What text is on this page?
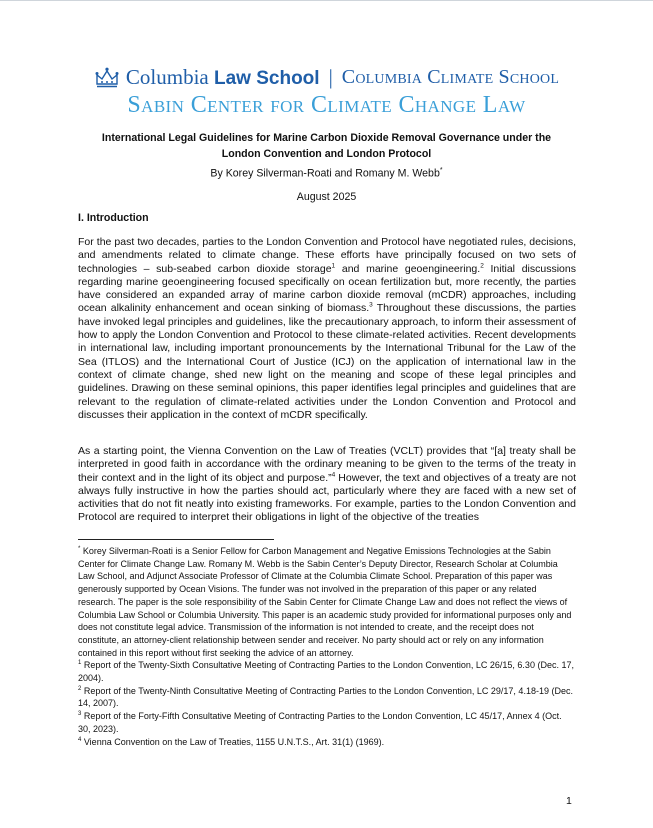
Columbia Law School | Columbia Climate School
Sabin Center for Climate Change Law
International Legal Guidelines for Marine Carbon Dioxide Removal Governance under the London Convention and London Protocol
By Korey Silverman-Roati and Romany M. Webb*
August 2025
I. Introduction
For the past two decades, parties to the London Convention and Protocol have negotiated rules, decisions, and amendments related to climate change. These efforts have principally focused on two sets of technologies – sub-seabed carbon dioxide storage$^1$ and marine geoengineering.$^2$ Initial discussions regarding marine geoengineering focused specifically on ocean fertilization but, more recently, the parties have considered an expanded array of marine carbon dioxide removal (mCDR) approaches, including ocean alkalinity enhancement and ocean sinking of biomass.$^3$ Throughout these discussions, the parties have invoked legal principles and guidelines, like the precautionary approach, to inform their assessment of how to apply the London Convention and Protocol to these climate-related activities. Recent developments in international law, including important pronouncements by the International Tribunal for the Law of the Sea (ITLOS) and the International Court of Justice (ICJ) on the application of international law in the context of climate change, shed new light on the meaning and scope of these legal principles and guidelines. Drawing on these seminal opinions, this paper identifies legal principles and guidelines that are relevant to the regulation of climate-related activities under the London Convention and Protocol and discusses their application in the context of mCDR specifically.
As a starting point, the Vienna Convention on the Law of Treaties (VCLT) provides that “[a] treaty shall be interpreted in good faith in accordance with the ordinary meaning to be given to the terms of the treaty in their context and in the light of its object and purpose.”$^4$ However, the text and objectives of a treaty are not always fully instructive in how the parties should act, particularly where they are faced with a new set of activities that do not fit neatly into existing frameworks. For example, parties to the London Convention and Protocol are required to interpret their obligations in light of the objective of the treaties

* Korey Silverman-Roati is a Senior Fellow for Carbon Management and Negative Emissions Technologies at the Sabin Center for Climate Change Law. Romany M. Webb is the Sabin Center’s Deputy Director, Research Scholar at Columbia Law School, and Adjunct Associate Professor of Climate at the Columbia Climate School. Preparation of this paper was generously supported by Ocean Visions. The funder was not involved in the preparation of this paper or any related research. The paper is the sole responsibility of the Sabin Center for Climate Change Law and does not reflect the views of Columbia Law School or Columbia University. This paper is an academic study provided for informational purposes only and does not constitute legal advice. Transmission of the information is not intended to create, and the receipt does not constitute, an attorney-client relationship between sender and receiver. No party should act or rely on any information contained in this report without first seeking the advice of an attorney.

$^1$ Report of the Twenty-Sixth Consultative Meeting of Contracting Parties to the London Convention, LC 26/15, 6.30 (Dec. 17, 2004).

$^2$ Report of the Twenty-Ninth Consultative Meeting of Contracting Parties to the London Convention, LC 29/17, 4.18-19 (Dec. 14, 2007).

$^3$ Report of the Forty-Fifth Consultative Meeting of Contracting Parties to the London Convention, LC 45/17, Annex 4 (Oct. 30, 2023).

$^4$ Vienna Convention on the Law of Treaties, 1155 U.N.T.S., Art. 31(1) (1969).

1
